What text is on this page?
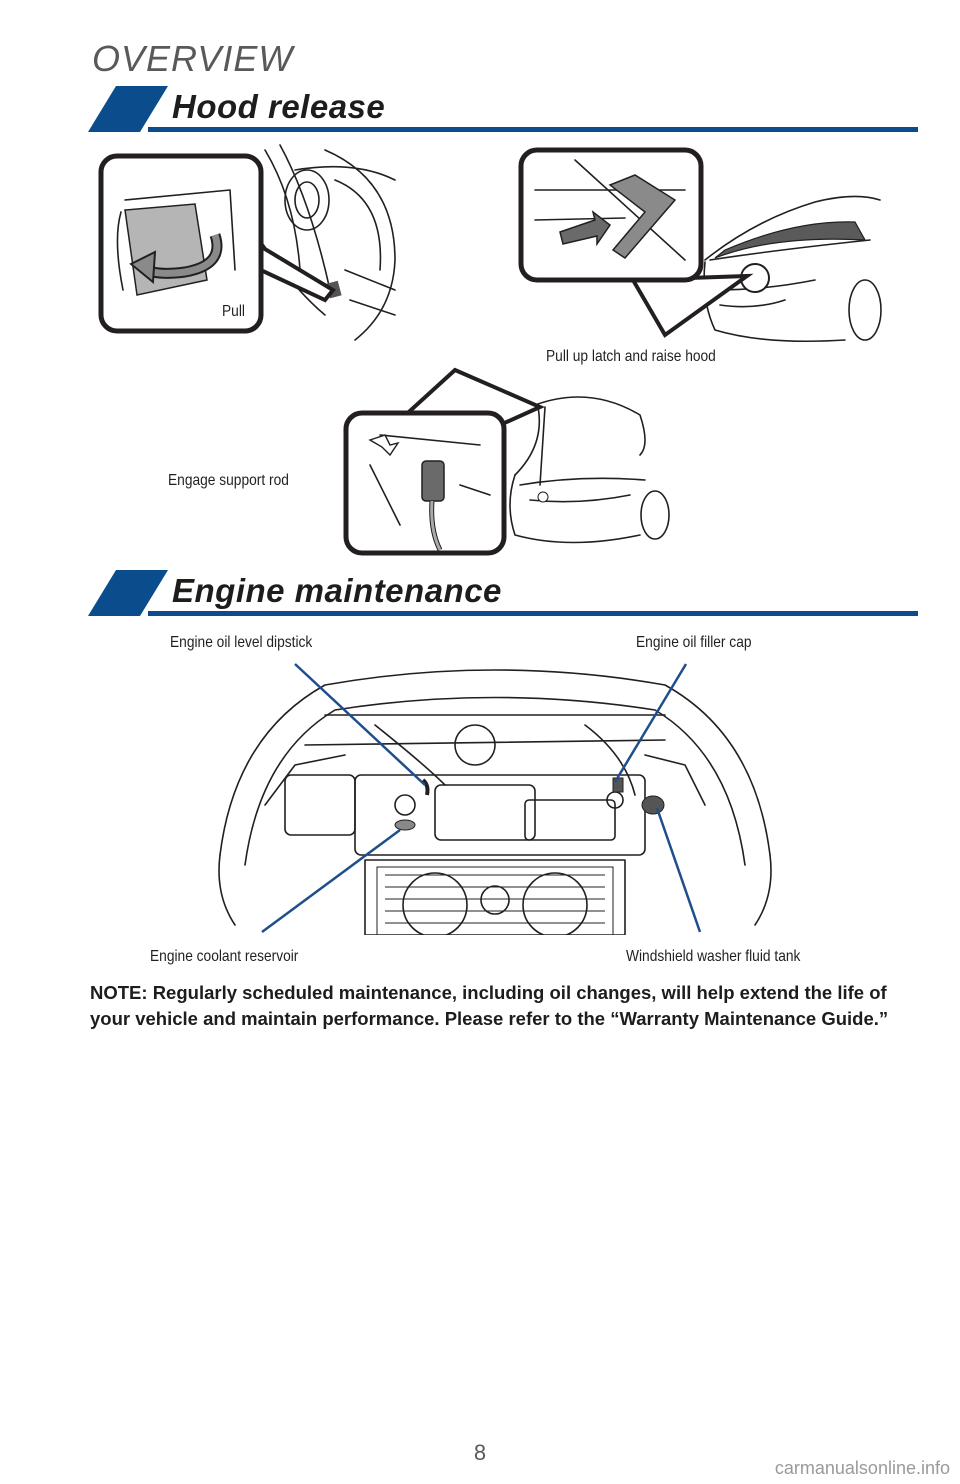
OVERVIEW
Hood release
Pull
Pull up latch and raise hood
Engage support rod
Engine maintenance
Engine oil level dipstick	Engine oil filler cap
Engine coolant reservoir	Windshield washer fluid tank
NOTE: Regularly scheduled maintenance, including oil changes, will help extend the life of your vehicle and maintain performance. Please refer to the “Warranty Maintenance Guide.”
8
carmanualsonline.info
